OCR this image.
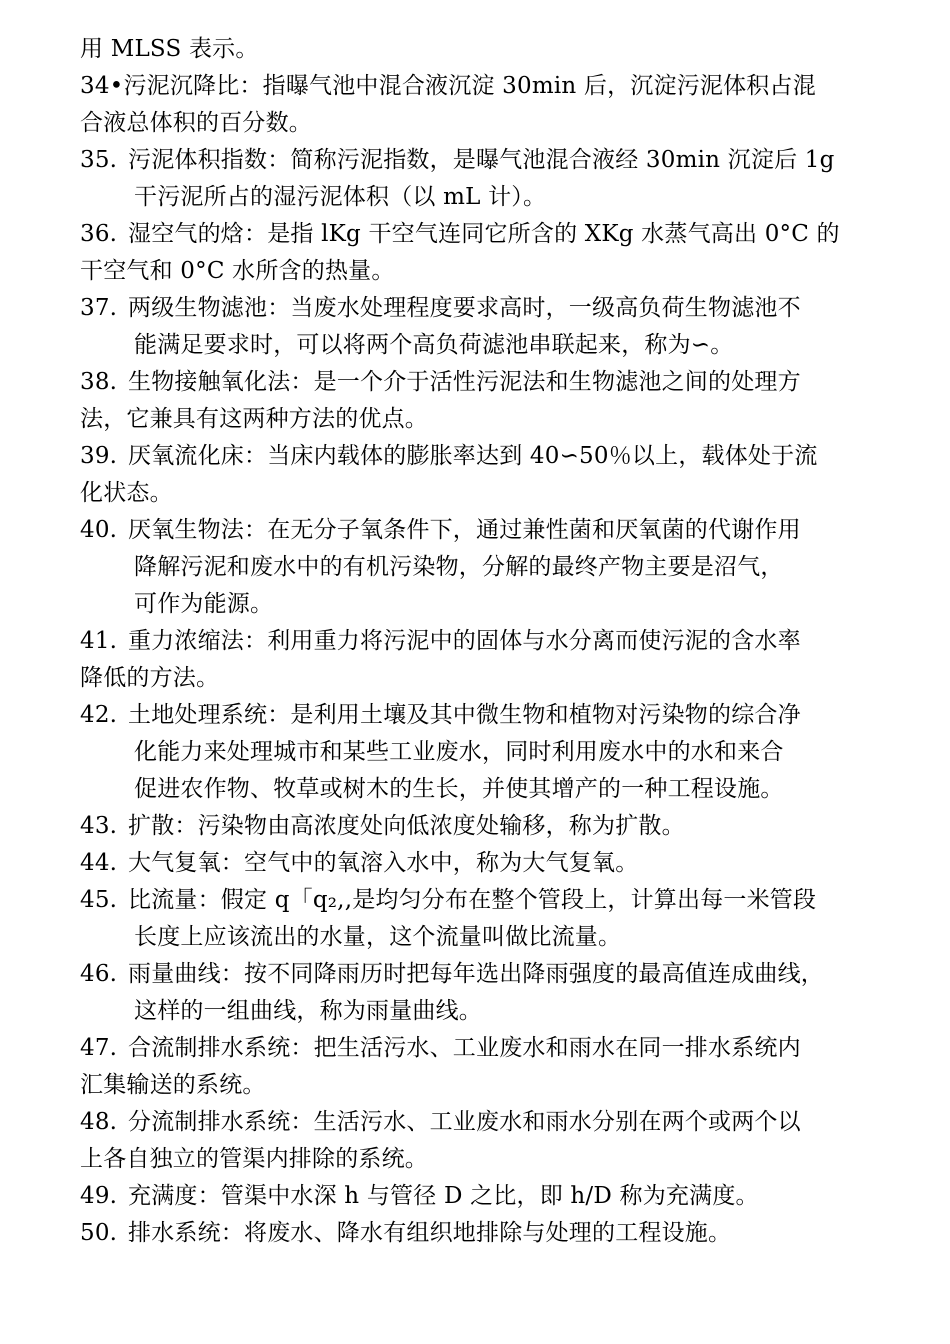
用 MLSS 表示。
34•污泥沉降比：指曝气池中混合液沉淀 30min 后，沉淀污泥体积占混
合液总体积的百分数。
35. 污泥体积指数：简称污泥指数，是曝气池混合液经 30min 沉淀后 1g
干污泥所占的湿污泥体积（以 mL 计）。
36. 湿空气的焓：是指 lKg 干空气连同它所含的 XKg 水蒸气高出 0°C 的
干空气和 0°C 水所含的热量。
37. 两级生物滤池：当废水处理程度要求高时，一级高负荷生物滤池不
能满足要求时，可以将两个高负荷滤池串联起来，称为∽。
38. 生物接触氧化法：是一个介于活性污泥法和生物滤池之间的处理方
法，它兼具有这两种方法的优点。
39. 厌氧流化床：当床内载体的膨胀率达到 40∽50％以上，载体处于流
化状态。
40. 厌氧生物法：在无分子氧条件下，通过兼性菌和厌氧菌的代谢作用
降解污泥和废水中的有机污染物，分解的最终产物主要是沼气，
可作为能源。
41. 重力浓缩法：利用重力将污泥中的固体与水分离而使污泥的含水率
降低的方法。
42. 土地处理系统：是利用土壤及其中微生物和植物对污染物的综合净
化能力来处理城市和某些工业废水，同时利用废水中的水和来合
促进农作物、牧草或树木的生长，并使其增产的一种工程设施。
43. 扩散：污染物由高浓度处向低浓度处输移，称为扩散。
44. 大气复氧：空气中的氧溶入水中，称为大气复氧。
45. 比流量：假定 q「q₂,,是均匀分布在整个管段上，计算出每一米管段
长度上应该流出的水量，这个流量叫做比流量。
46. 雨量曲线：按不同降雨历时把每年选出降雨强度的最高值连成曲线，
这样的一组曲线，称为雨量曲线。
47. 合流制排水系统：把生活污水、工业废水和雨水在同一排水系统内
汇集输送的系统。
48. 分流制排水系统：生活污水、工业废水和雨水分别在两个或两个以
上各自独立的管渠内排除的系统。
49. 充满度：管渠中水深 h 与管径 D 之比，即 h/D 称为充满度。
50. 排水系统：将废水、降水有组织地排除与处理的工程设施。
